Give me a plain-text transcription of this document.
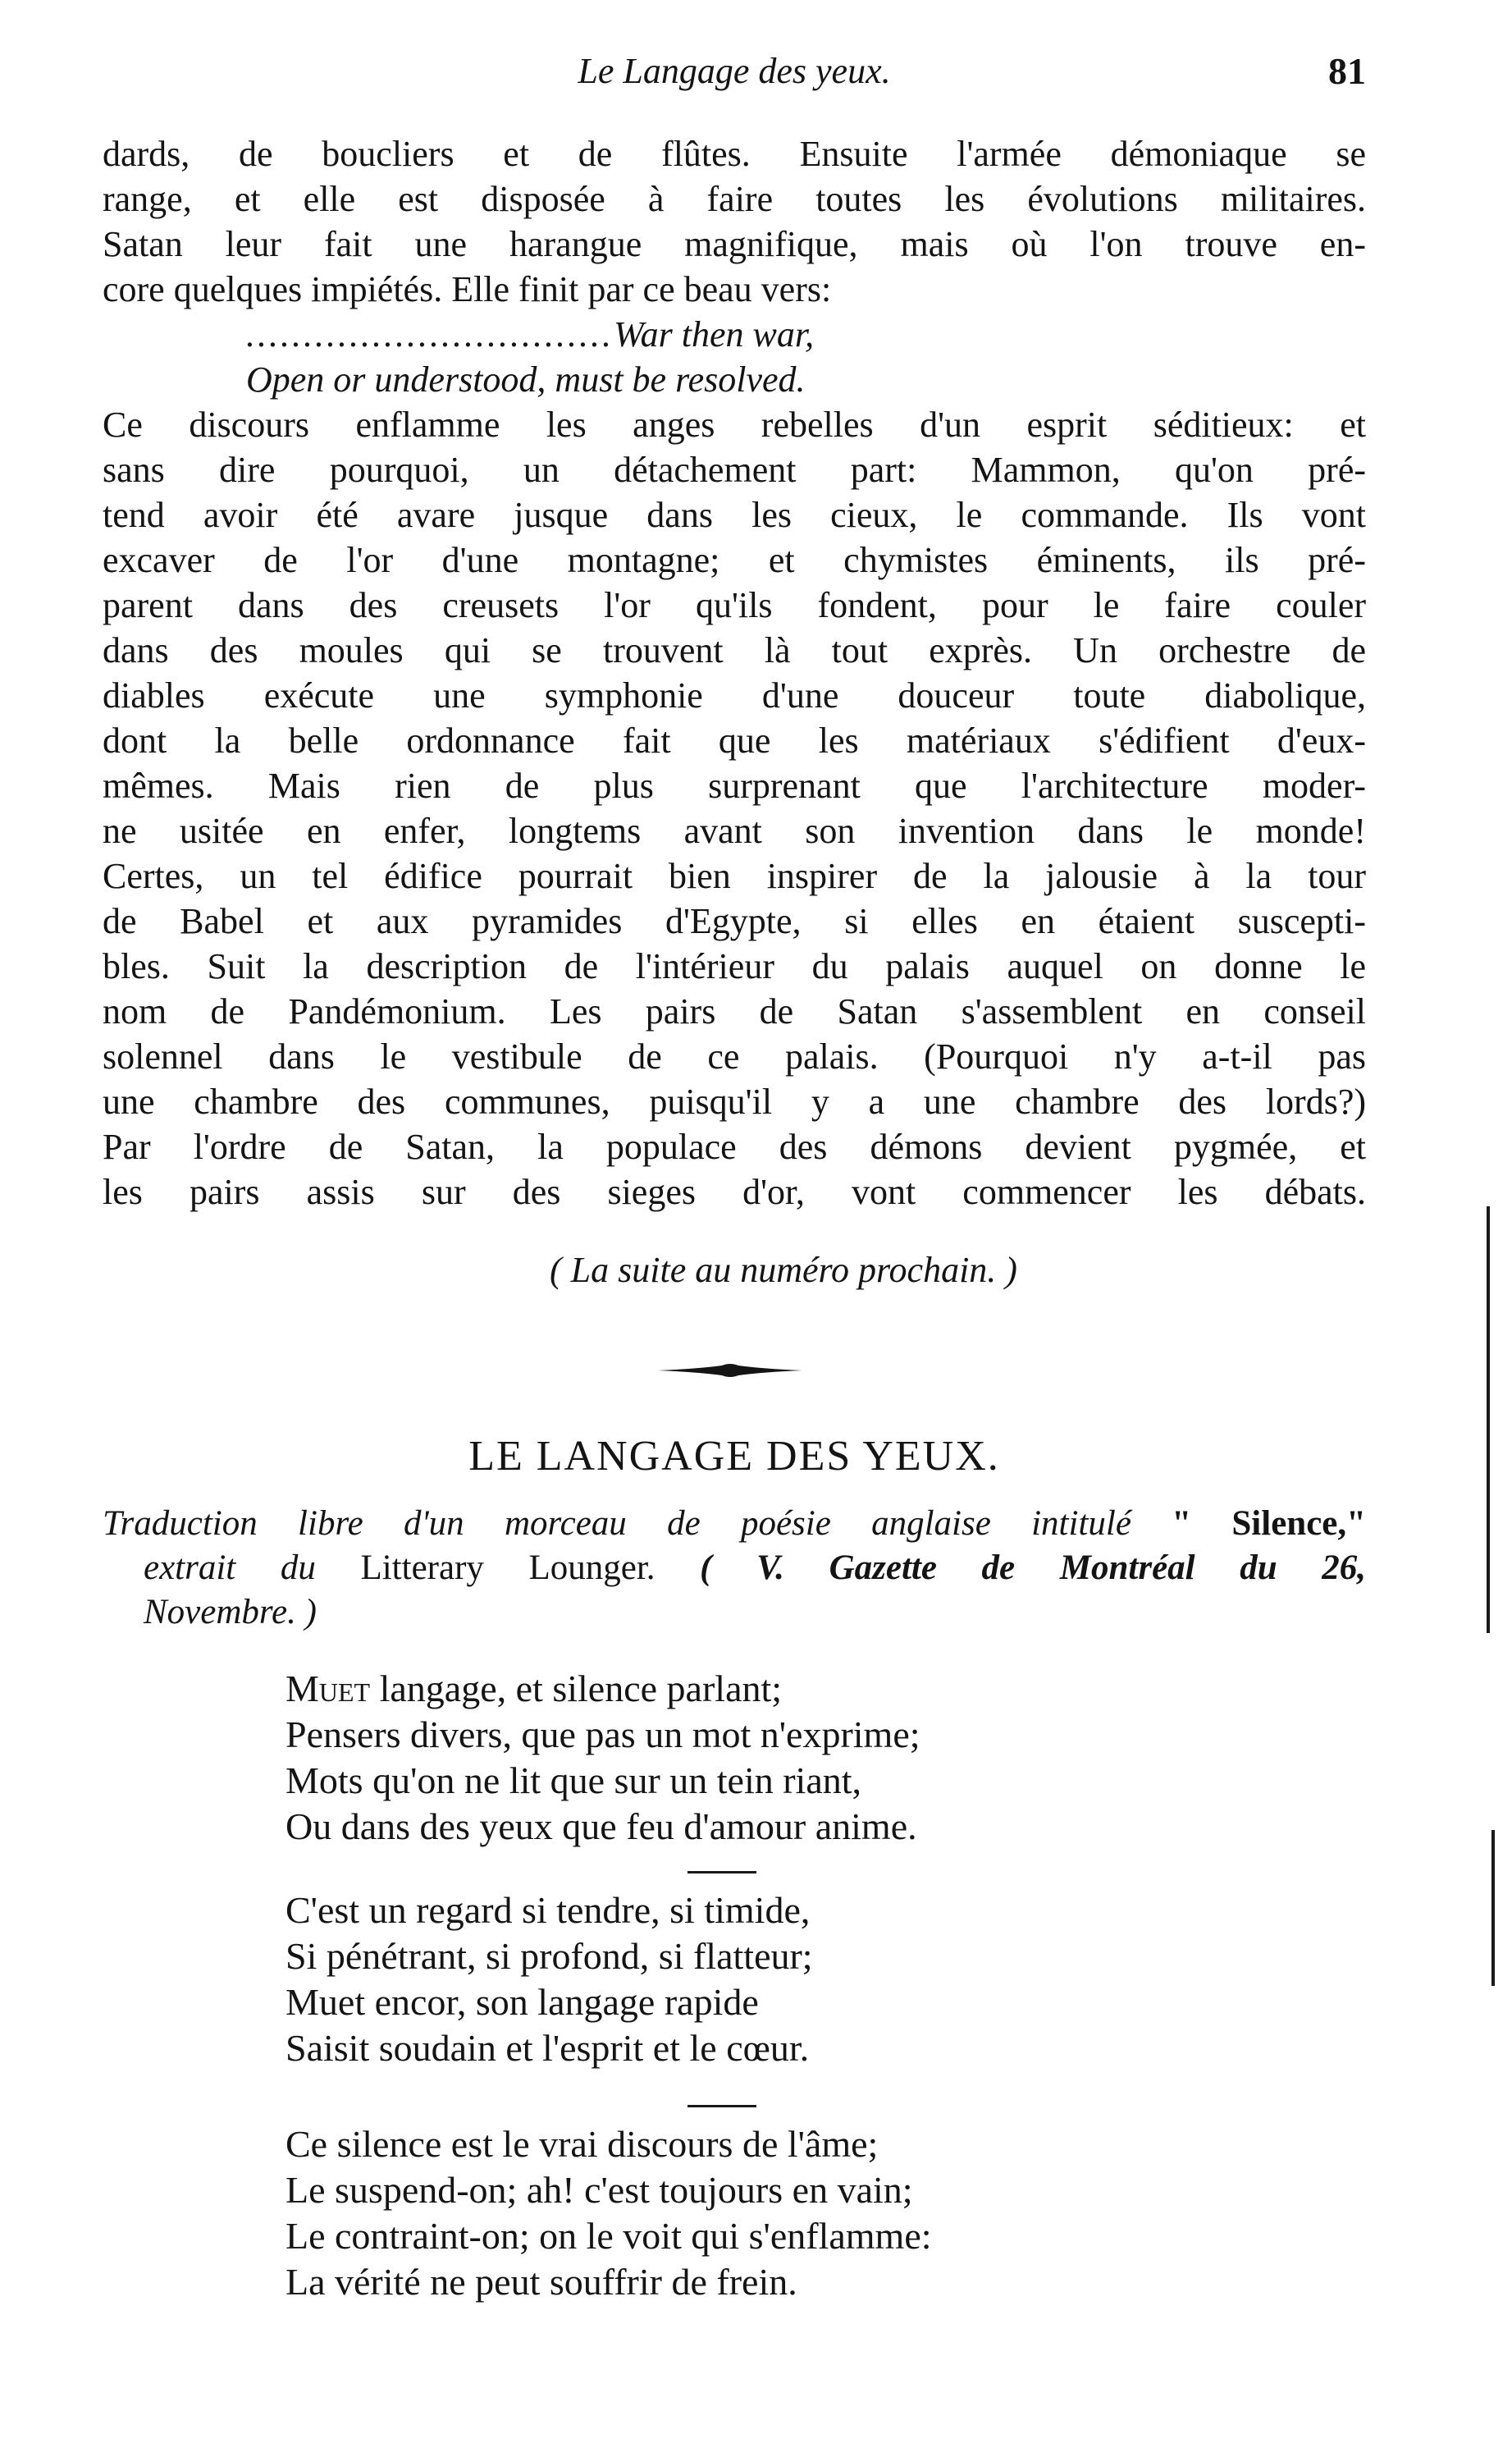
Le Langage des yeux.	81
dards, de boucliers et de flûtes. Ensuite l'armée démoniaque se
range, et elle est disposée à faire toutes les évolutions militaires.
Satan leur fait une harangue magnifique, mais où l'on trouve en-
core quelques impiétés. Elle finit par ce beau vers:
................................War then war,
Open or understood, must be resolved.
Ce discours enflamme les anges rebelles d'un esprit séditieux: et
sans dire pourquoi, un détachement part: Mammon, qu'on pré-
tend avoir été avare jusque dans les cieux, le commande. Ils vont
excaver de l'or d'une montagne; et chymistes éminents, ils pré-
parent dans des creusets l'or qu'ils fondent, pour le faire couler
dans des moules qui se trouvent là tout exprès. Un orchestre de
diables exécute une symphonie d'une douceur toute diabolique,
dont la belle ordonnance fait que les matériaux s'édifient d'eux-
mêmes. Mais rien de plus surprenant que l'architecture moder-
ne usitée en enfer, longtems avant son invention dans le monde!
Certes, un tel édifice pourrait bien inspirer de la jalousie à la tour
de Babel et aux pyramides d'Egypte, si elles en étaient suscepti-
bles. Suit la description de l'intérieur du palais auquel on donne le
nom de Pandémonium. Les pairs de Satan s'assemblent en conseil
solennel dans le vestibule de ce palais. (Pourquoi n'y a-t-il pas
une chambre des communes, puisqu'il y a une chambre des lords?)
Par l'ordre de Satan, la populace des démons devient pygmée, et
les pairs assis sur des sieges d'or, vont commencer les débats.
( La suite au numéro prochain. )
LE LANGAGE DES YEUX.
Traduction libre d'un morceau de poésie anglaise intitulé " Silence,"
extrait du Litterary Lounger. ( V. Gazette de Montréal du 26,
Novembre. )
Muet langage, et silence parlant;
Pensers divers, que pas un mot n'exprime;
Mots qu'on ne lit que sur un tein riant,
Ou dans des yeux que feu d'amour anime.
C'est un regard si tendre, si timide,
Si pénétrant, si profond, si flatteur;
Muet encor, son langage rapide
Saisit soudain et l'esprit et le cœur.
Ce silence est le vrai discours de l'âme;
Le suspend-on; ah! c'est toujours en vain;
Le contraint-on; on le voit qui s'enflamme:
La vérité ne peut souffrir de frein.
